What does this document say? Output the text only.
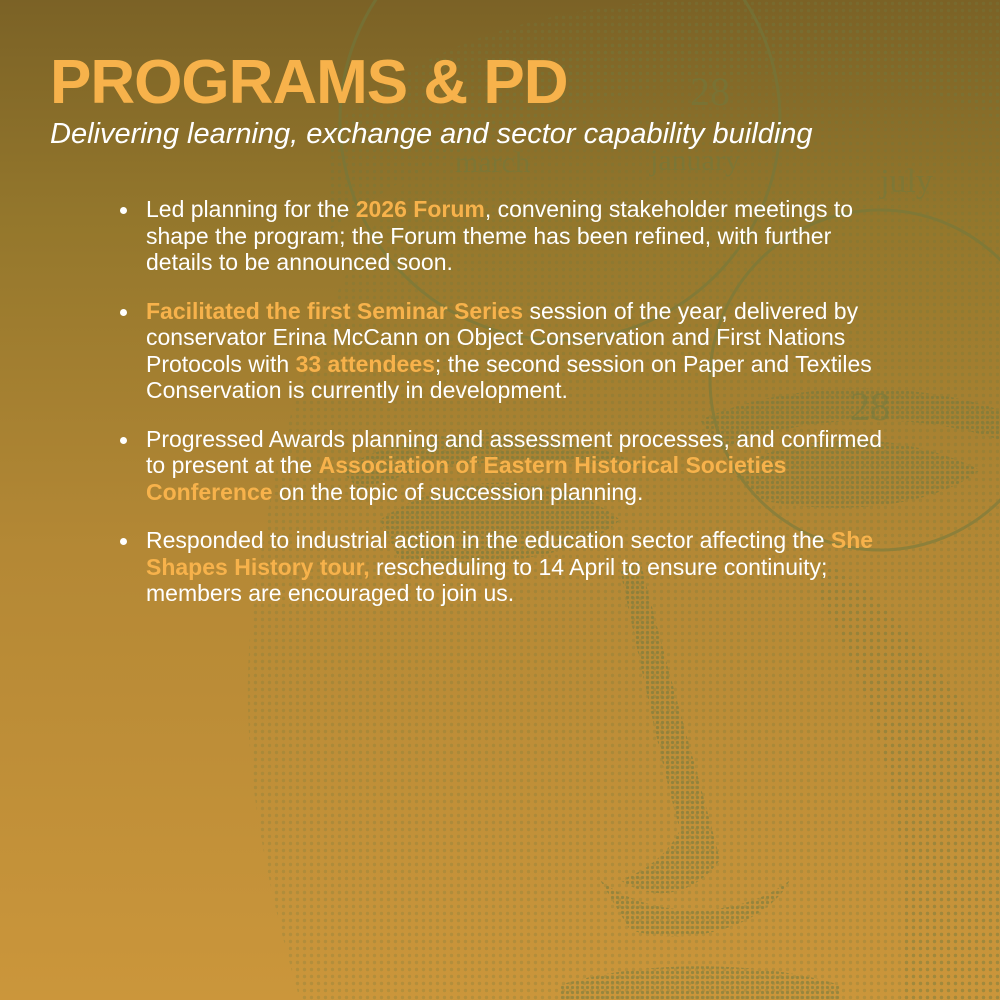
28
march	january
july
28
PROGRAMS & PD

Delivering learning, exchange and sector capability building

Led planning for the 2026 Forum, convening stakeholder meetings to shape the program; the Forum theme has been refined, with further details to be announced soon.
Facilitated the first Seminar Series session of the year, delivered by conservator Erina McCann on Object Conservation and First Nations Protocols with 33 attendees; the second session on Paper and Textiles Conservation is currently in development.
Progressed Awards planning and assessment processes, and confirmed to present at the Association of Eastern Historical Societies Conference on the topic of succession planning.
Responded to industrial action in the education sector affecting the She Shapes History tour, rescheduling to 14 April to ensure continuity; members are encouraged to join us.
